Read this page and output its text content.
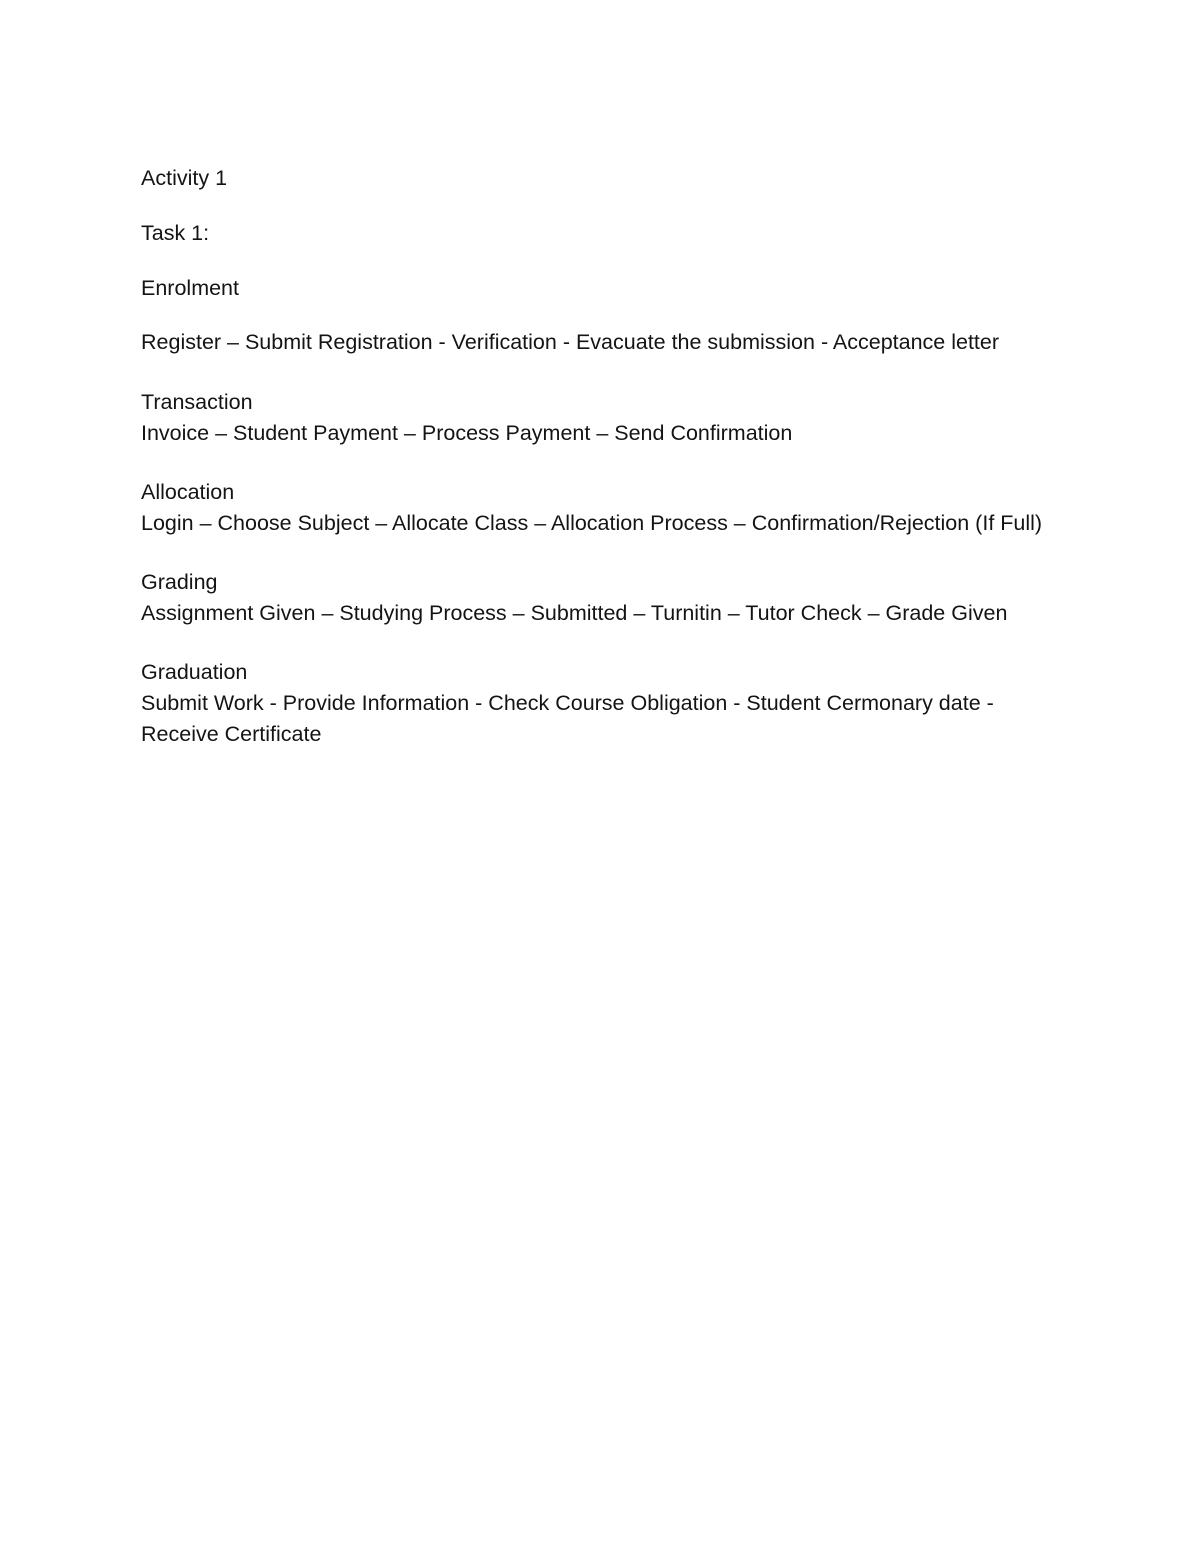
Activity 1

Task 1:

Enrolment

Register – Submit Registration - Verification - Evacuate the submission - Acceptance letter

Transaction
Invoice – Student Payment – Process Payment – Send Confirmation
Allocation
Login – Choose Subject – Allocate Class – Allocation Process – Confirmation/Rejection (If Full)
Grading
Assignment Given – Studying Process – Submitted – Turnitin – Tutor Check – Grade Given
Graduation
Submit Work - Provide Information - Check Course Obligation - Student Cermonary date - Receive Certificate
